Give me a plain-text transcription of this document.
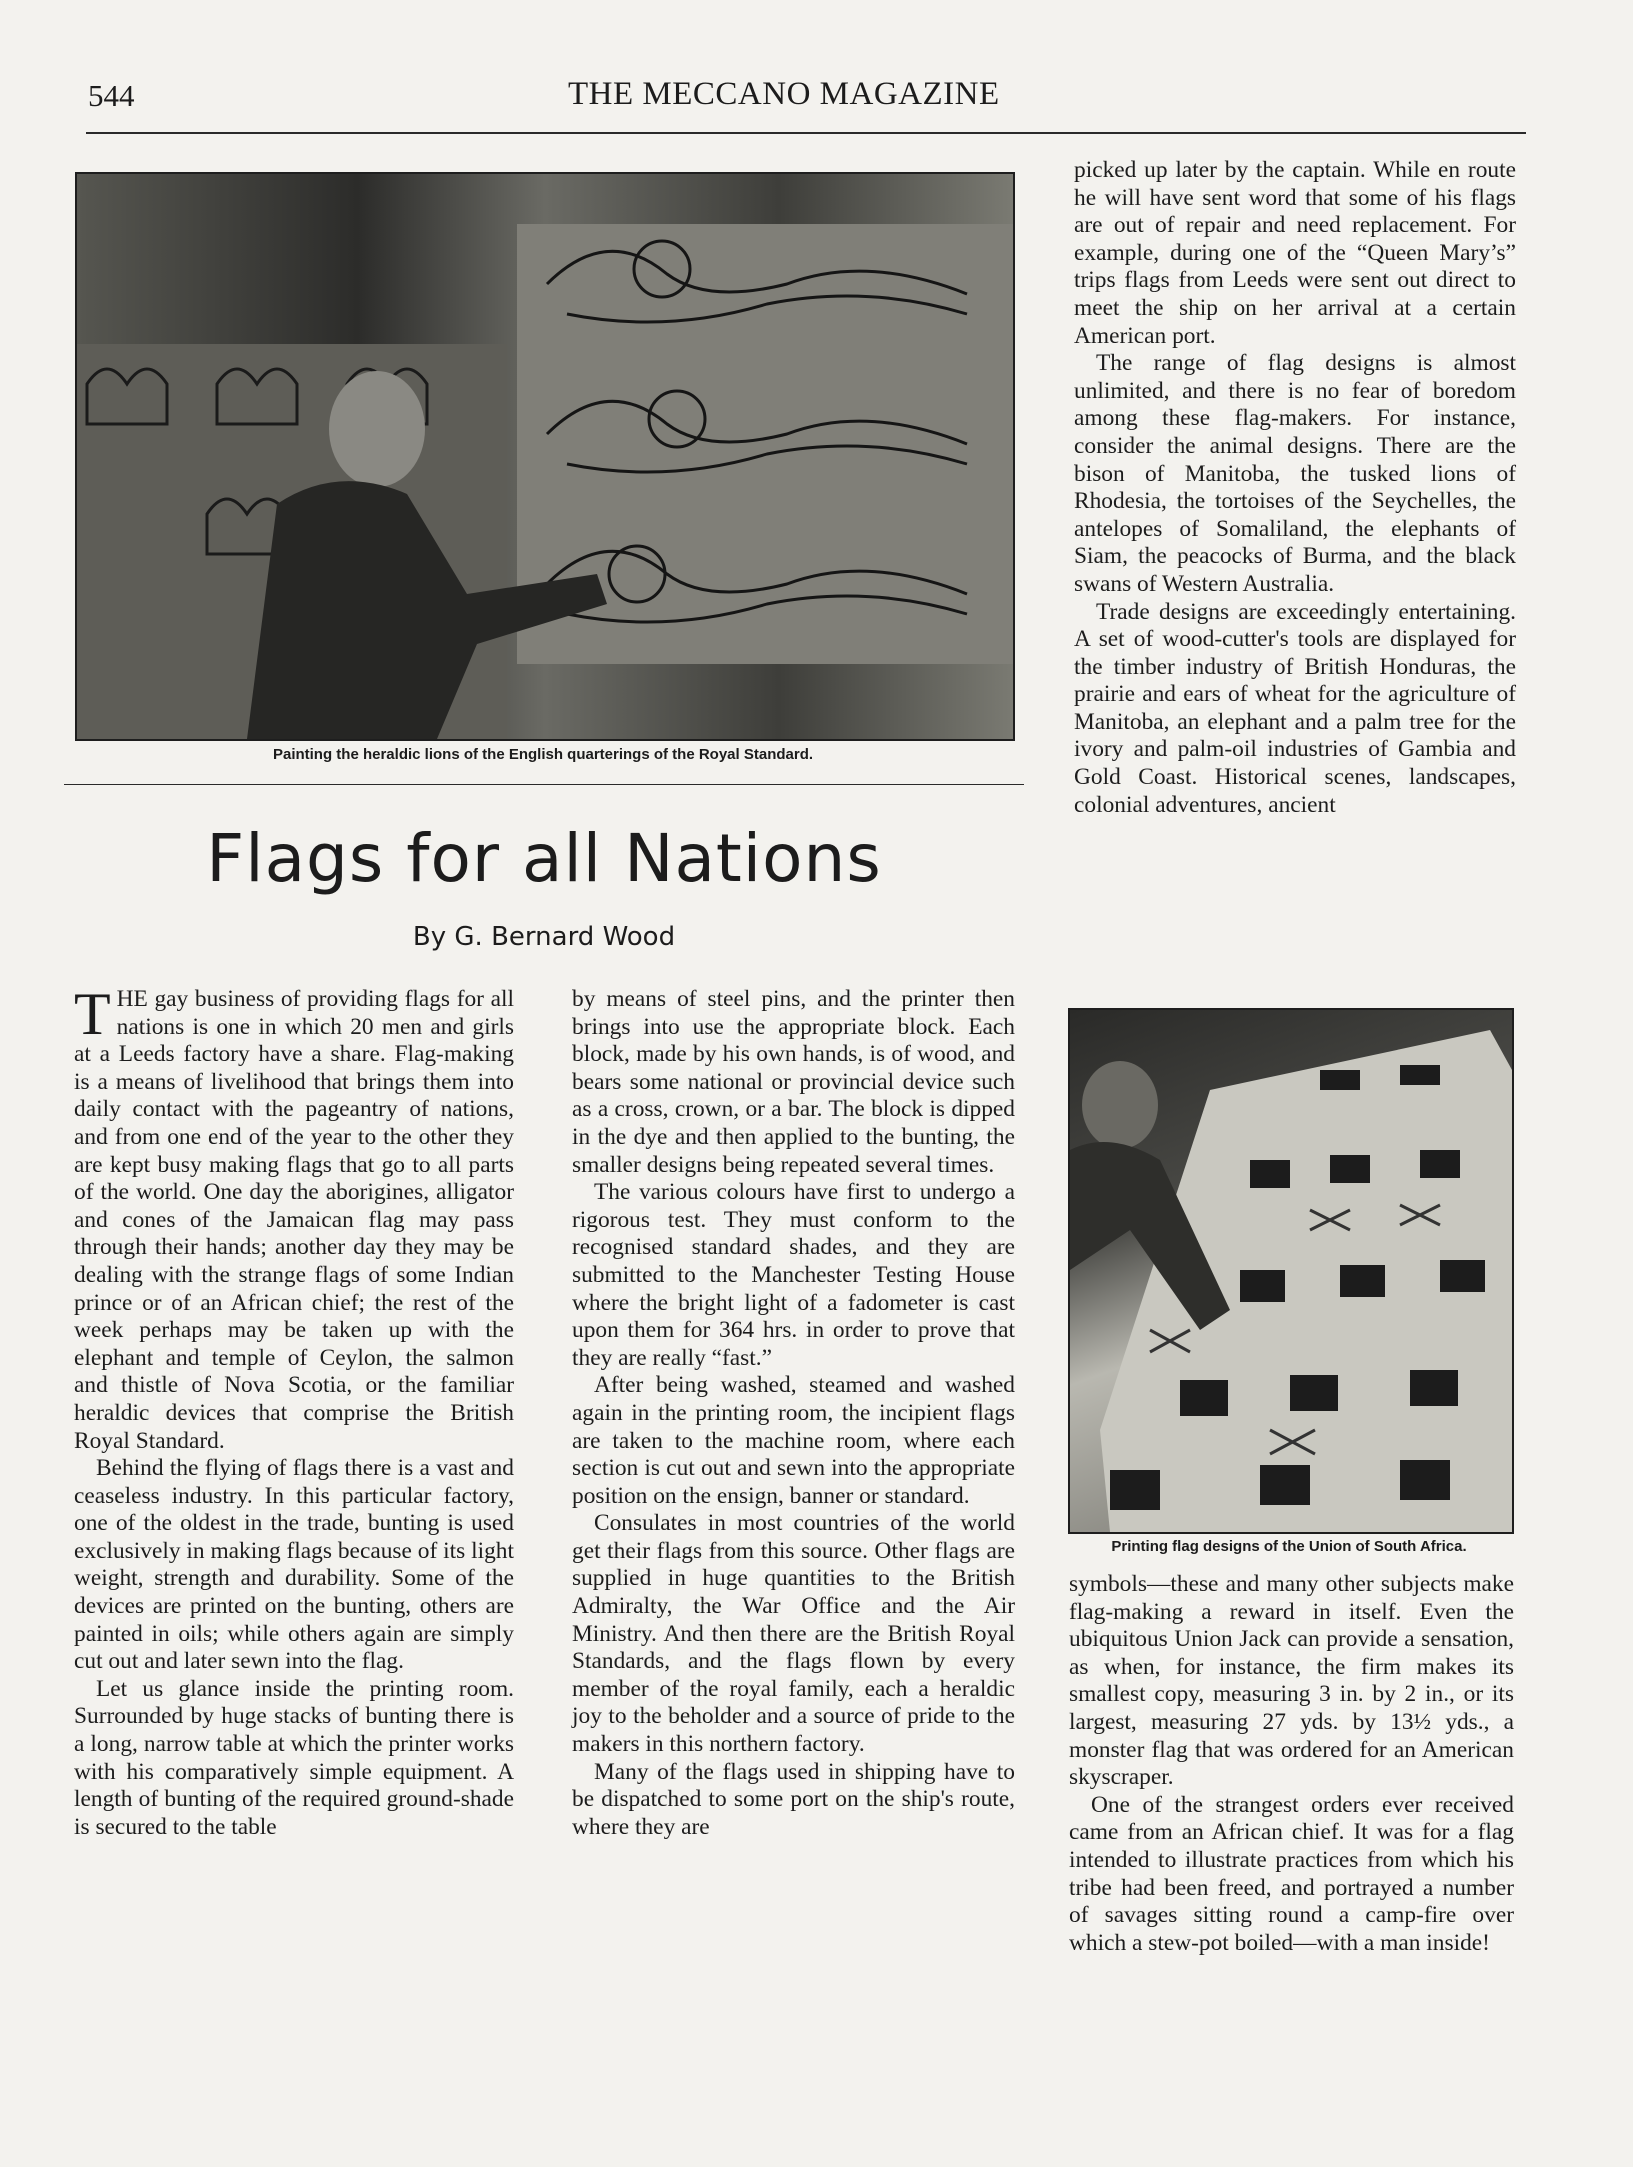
544	THE MECCANO MAGAZINE
Painting the heraldic lions of the English quarterings of the Royal Standard.
Flags for all Nations
By G. Bernard Wood

THE gay business of providing flags for all nations is one in which 20 men and girls at a Leeds factory have a share. Flag-making is a means of livelihood that brings them into daily contact with the pageantry of nations, and from one end of the year to the other they are kept busy making flags that go to all parts of the world. One day the aborigines, alligator and cones of the Jamaican flag may pass through their hands; another day they may be dealing with the strange flags of some Indian prince or of an African chief; the rest of the week perhaps may be taken up with the elephant and temple of Ceylon, the salmon and thistle of Nova Scotia, or the familiar heraldic devices that comprise the British Royal Standard.

Behind the flying of flags there is a vast and ceaseless industry. In this particular factory, one of the oldest in the trade, bunting is used exclusively in making flags because of its light weight, strength and durability. Some of the devices are printed on the bunting, others are painted in oils; while others again are simply cut out and later sewn into the flag.

Let us glance inside the printing room. Surrounded by huge stacks of bunting there is a long, narrow table at which the printer works with his comparatively simple equipment. A length of bunting of the required ground-shade is secured to the table

by means of steel pins, and the printer then brings into use the appropriate block. Each block, made by his own hands, is of wood, and bears some national or provincial device such as a cross, crown, or a bar. The block is dipped in the dye and then applied to the bunting, the smaller designs being repeated several times.

The various colours have first to undergo a rigorous test. They must conform to the recognised standard shades, and they are submitted to the Manchester Testing House where the bright light of a fadometer is cast upon them for 364 hrs. in order to prove that they are really “fast.”

After being washed, steamed and washed again in the printing room, the incipient flags are taken to the machine room, where each section is cut out and sewn into the appropriate position on the ensign, banner or standard.

Consulates in most countries of the world get their flags from this source. Other flags are supplied in huge quantities to the British Admiralty, the War Office and the Air Ministry. And then there are the British Royal Standards, and the flags flown by every member of the royal family, each a heraldic joy to the beholder and a source of pride to the makers in this northern factory.

Many of the flags used in shipping have to be dispatched to some port on the ship's route, where they are

picked up later by the captain. While en route he will have sent word that some of his flags are out of repair and need replacement. For example, during one of the “Queen Mary’s” trips flags from Leeds were sent out direct to meet the ship on her arrival at a certain American port.

The range of flag designs is almost unlimited, and there is no fear of boredom among these flag-makers. For instance, consider the animal designs. There are the bison of Manitoba, the tusked lions of Rhodesia, the tortoises of the Seychelles, the antelopes of Somaliland, the elephants of Siam, the peacocks of Burma, and the black swans of Western Australia.

Trade designs are exceedingly entertaining. A set of wood-cutter's tools are displayed for the timber industry of British Honduras, the prairie and ears of wheat for the agriculture of Manitoba, an elephant and a palm tree for the ivory and palm-oil industries of Gambia and Gold Coast. Historical scenes, landscapes, colonial adventures, ancient

Printing flag designs of the Union of South Africa.

symbols—these and many other subjects make flag-making a reward in itself. Even the ubiquitous Union Jack can provide a sensation, as when, for instance, the firm makes its smallest copy, measuring 3 in. by 2 in., or its largest, measuring 27 yds. by 13½ yds., a monster flag that was ordered for an American skyscraper.

One of the strangest orders ever received came from an African chief. It was for a flag intended to illustrate practices from which his tribe had been freed, and portrayed a number of savages sitting round a camp-fire over which a stew-pot boiled—with a man inside!
